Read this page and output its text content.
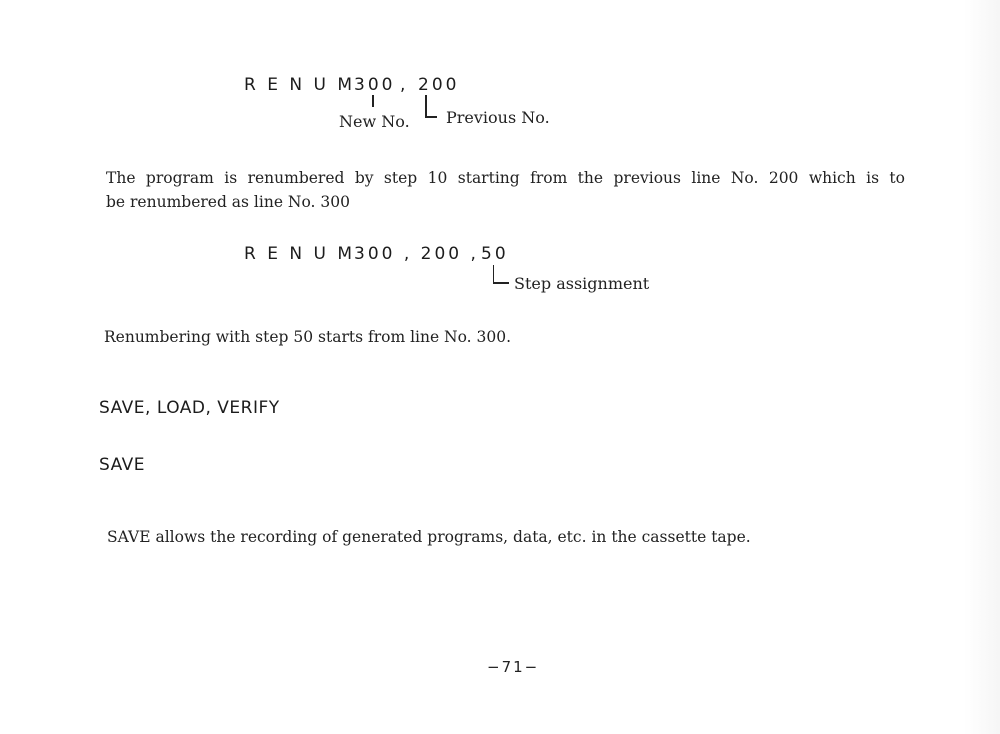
R E N U M 300 , 200
New No. Previous No.
The program is renumbered by step 10 starting from the previous line No. 200 which is to
be renumbered as line No. 300
R E N U M 300 , 200 ,
50
Step assignment
Renumbering with step 50 starts from line No. 300.
SAVE, LOAD, VERIFY
SAVE
SAVE allows the recording of generated programs, data, etc. in the cassette tape.
−71−
